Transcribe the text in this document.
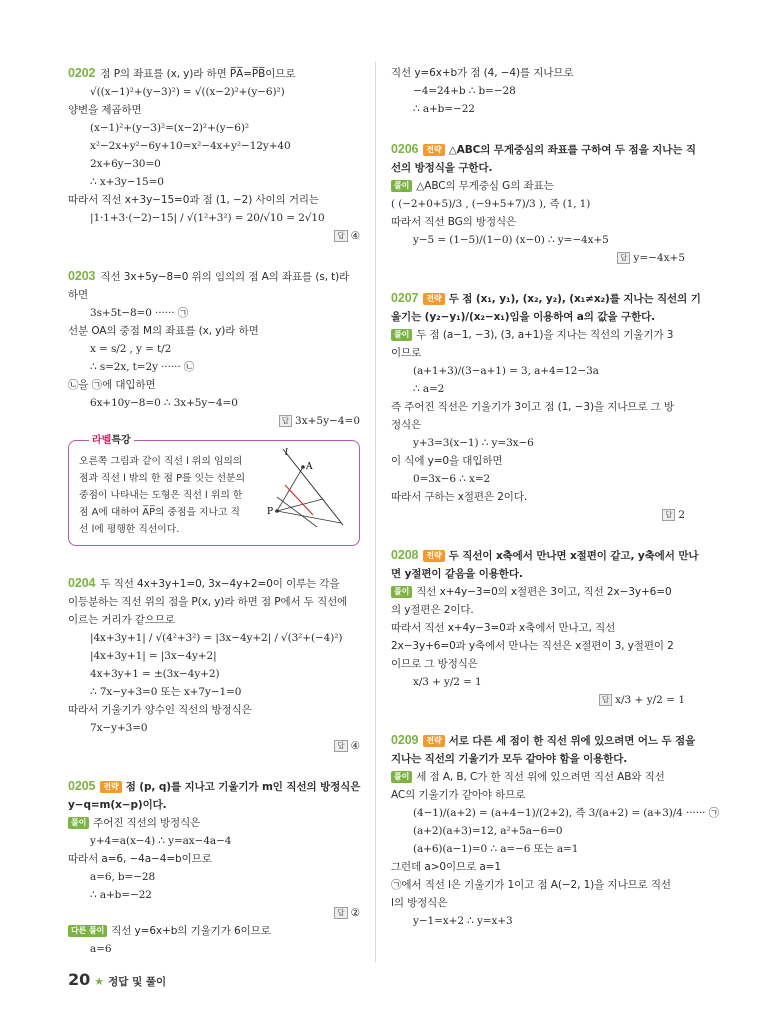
0202 점 P의 좌표를 (x, y)라 하면 P̅A̅=P̅B̅이므로
√((x−1)²+(y−3)²) = √((x−2)²+(y−6)²)
양변을 제곱하면
(x−1)²+(y−3)²=(x−2)²+(y−6)²
x²−2x+y²−6y+10=x²−4x+y²−12y+40
2x+6y−30=0
∴ x+3y−15=0
따라서 직선 x+3y−15=0과 점 (1, −2) 사이의 거리는
|1·1+3·(−2)−15| / √(1²+3²) = 20/√10 = 2√10
답 ④
0203 직선 3x+5y−8=0 위의 임의의 점 A의 좌표를 (s, t)라
하면
3s+5t−8=0 ······ ㉠
선분 OA의 중점 M의 좌표를 (x, y)라 하면
x = s/2 , y = t/2
∴ s=2x, t=2y ······ ㉡
㉡을 ㉠에 대입하면
6x+10y−8=0 ∴ 3x+5y−4=0
답 3x+5y−4=0
라벨특강
오른쪽 그림과 같이 직선 l 위의 임의의
점과 직선 l 밖의 한 점 P를 잇는 선분의
중점이 나타내는 도형은 직선 l 위의 한
점 A에 대하여 A̅P̅의 중점을 지나고 직
선 l에 평행한 직선이다.
l
A
P
0204 두 직선 4x+3y+1=0, 3x−4y+2=0이 이루는 각을
이등분하는 직선 위의 점을 P(x, y)라 하면 점 P에서 두 직선에
이르는 거리가 같으므로
|4x+3y+1| / √(4²+3²) = |3x−4y+2| / √(3²+(−4)²)
|4x+3y+1| = |3x−4y+2|
4x+3y+1 = ±(3x−4y+2)
∴ 7x−y+3=0 또는 x+7y−1=0
따라서 기울기가 양수인 직선의 방정식은
7x−y+3=0
답 ④
0205 전략 점 (p, q)를 지나고 기울기가 m인 직선의 방정식은
y−q=m(x−p)이다.
풀이 주어진 직선의 방정식은
y+4=a(x−4) ∴ y=ax−4a−4
따라서 a=6, −4a−4=b이므로
a=6, b=−28
∴ a+b=−22
답 ②
다른 풀이 직선 y=6x+b의 기울기가 6이므로
a=6
직선 y=6x+b가 점 (4, −4)를 지나므로
−4=24+b ∴ b=−28
∴ a+b=−22
0206 전략 △ABC의 무게중심의 좌표를 구하여 두 점을 지나는 직
선의 방정식을 구한다.
풀이 △ABC의 무게중심 G의 좌표는
( (−2+0+5)/3 , (−9+5+7)/3 ), 즉 (1, 1)
따라서 직선 BG의 방정식은
y−5 = (1−5)/(1−0) (x−0) ∴ y=−4x+5
답 y=−4x+5
0207 전략 두 점 (x₁, y₁), (x₂, y₂), (x₁≠x₂)를 지나는 직선의 기
울기는 (y₂−y₁)/(x₂−x₁)임을 이용하여 a의 값을 구한다.
풀이 두 점 (a−1, −3), (3, a+1)을 지나는 직선의 기울기가 3
이므로
(a+1+3)/(3−a+1) = 3, a+4=12−3a
∴ a=2
즉 주어진 직선은 기울기가 3이고 점 (1, −3)을 지나므로 그 방
정식은
y+3=3(x−1) ∴ y=3x−6
이 식에 y=0을 대입하면
0=3x−6 ∴ x=2
따라서 구하는 x절편은 2이다.
답 2
0208 전략 두 직선이 x축에서 만나면 x절편이 같고, y축에서 만나
면 y절편이 같음을 이용한다.
풀이 직선 x+4y−3=0의 x절편은 3이고, 직선 2x−3y+6=0
의 y절편은 2이다.
따라서 직선 x+4y−3=0과 x축에서 만나고, 직선
2x−3y+6=0과 y축에서 만나는 직선은 x절편이 3, y절편이 2
이므로 그 방정식은
x/3 + y/2 = 1
답 x/3 + y/2 = 1
0209 전략 서로 다른 세 점이 한 직선 위에 있으려면 어느 두 점을
지나는 직선의 기울기가 모두 같아야 함을 이용한다.
풀이 세 점 A, B, C가 한 직선 위에 있으려면 직선 AB와 직선
AC의 기울기가 같아야 하므로
(4−1)/(a+2) = (a+4−1)/(2+2), 즉 3/(a+2) = (a+3)/4 ······ ㉠
(a+2)(a+3)=12, a²+5a−6=0
(a+6)(a−1)=0 ∴ a=−6 또는 a=1
그런데 a>0이므로 a=1
㉠에서 직선 l은 기울기가 1이고 점 A(−2, 1)을 지나므로 직선
l의 방정식은
y−1=x+2 ∴ y=x+3
20 ★ 정답 및 풀이
